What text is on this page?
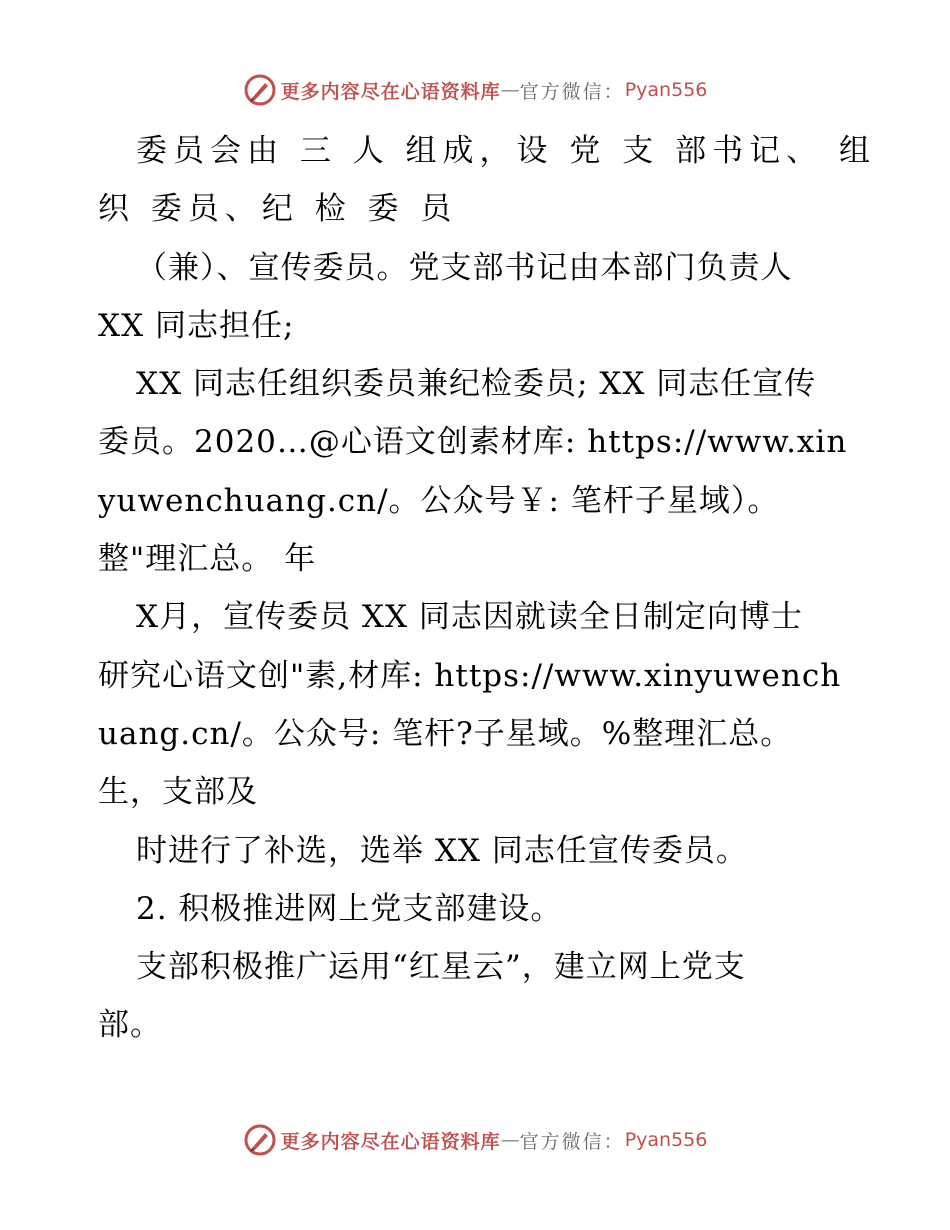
更多内容尽在心语资料库 — 官方微信： Pyan556
委员会由 三 人 组成，设 党 支 部书记、 组
织 委员、纪 检 委 员
（兼）、宣传委员。党支部书记由本部门负责人
XX 同志担任;
XX 同志任组织委员兼纪检委员; XX 同志任宣传
委员。2020…@心语文创素材库: https://www.xin
yuwenchuang.cn/。公众号￥: 笔杆子星域）。
整"理汇总。 年
X月，宣传委员 XX 同志因就读全日制定向博士
研究心语文创"素,材库: https://www.xinyuwench
uang.cn/。公众号: 笔杆?子星域。%整理汇总。
生，支部及
时进行了补选，选举 XX 同志任宣传委员。
2. 积极推进网上党支部建设。
支部积极推广运用“红星云”，建立网上党支
部。
更多内容尽在心语资料库 — 官方微信： Pyan556
